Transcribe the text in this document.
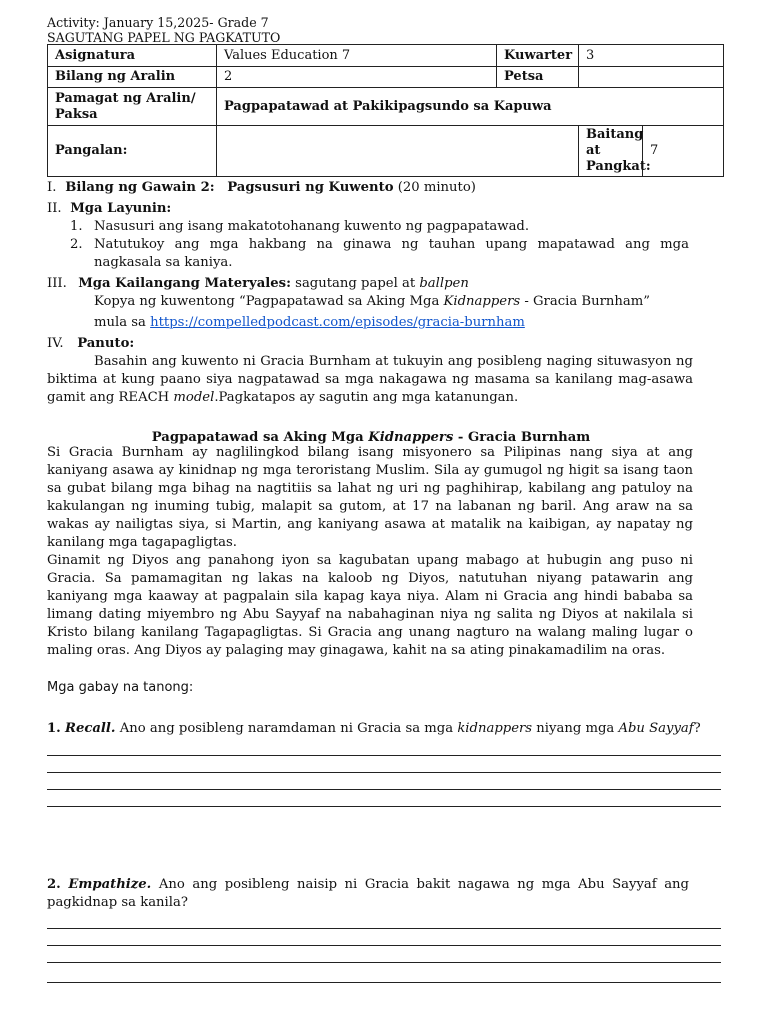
Activity: January 15,2025- Grade 7
SAGUTANG PAPEL NG PAGKATUTO
Asignatura	Values Education 7	Kuwarter	3	
Bilang ng Aralin	2	Petsa		
Pamagat ng Aralin/ Paksa	Pagpapatawad at Pakikipagsundo sa Kapuwa			
Pangalan:			Baitang at Pangkat:	7
I. Bilang ng Gawain 2: Pagsusuri ng Kuwento (20 minuto)
II. Mga Layunin:
1. Nasusuri ang isang makatotohanang kuwento ng pagpapatawad.
2. Natutukoy ang mga hakbang na ginawa ng tauhan upang mapatawad ang mga nagkasala sa kaniya.
III. Mga Kailangang Materyales: sagutang papel at ballpen
Kopya ng kuwentong “Pagpapatawad sa Aking Mga Kidnappers - Gracia Burnham”
mula sa https://compelledpodcast.com/episodes/gracia-burnham
IV. Panuto:
Basahin ang kuwento ni Gracia Burnham at tukuyin ang posibleng naging situwasyon ng biktima at kung paano siya nagpatawad sa mga nakagawa ng masama sa kanilang mag-asawa gamit ang REACH model.Pagkatapos ay sagutin ang mga katanungan.
Pagpapatawad sa Aking Mga Kidnappers - Gracia Burnham
Si Gracia Burnham ay naglilingkod bilang isang misyonero sa Pilipinas nang siya at ang kaniyang asawa ay kinidnap ng mga teroristang Muslim. Sila ay gumugol ng higit sa isang taon sa gubat bilang mga bihag na nagtitiis sa lahat ng uri ng paghihirap, kabilang ang patuloy na kakulangan ng inuming tubig, malapit sa gutom, at 17 na labanan ng baril. Ang araw na sa wakas ay nailigtas siya, si Martin, ang kaniyang asawa at matalik na kaibigan, ay napatay ng kanilang mga tagapagligtas.
Ginamit ng Diyos ang panahong iyon sa kagubatan upang mabago at hubugin ang puso ni Gracia. Sa pamamagitan ng lakas na kaloob ng Diyos, natutuhan niyang patawarin ang kaniyang mga kaaway at pagpalain sila kapag kaya niya. Alam ni Gracia ang hindi bababa sa limang dating miyembro ng Abu Sayyaf na nabahaginan niya ng salita ng Diyos at nakilala si Kristo bilang kanilang Tagapagligtas. Si Gracia ang unang nagturo na walang maling lugar o maling oras. Ang Diyos ay palaging may ginagawa, kahit na sa ating pinakamadilim na oras.
Mga gabay na tanong:
1. Recall. Ano ang posibleng naramdaman ni Gracia sa mga kidnappers niyang mga Abu Sayyaf?
2. Empathize. Ano ang posibleng naisip ni Gracia bakit nagawa ng mga Abu Sayyaf ang pagkidnap sa kanila?
